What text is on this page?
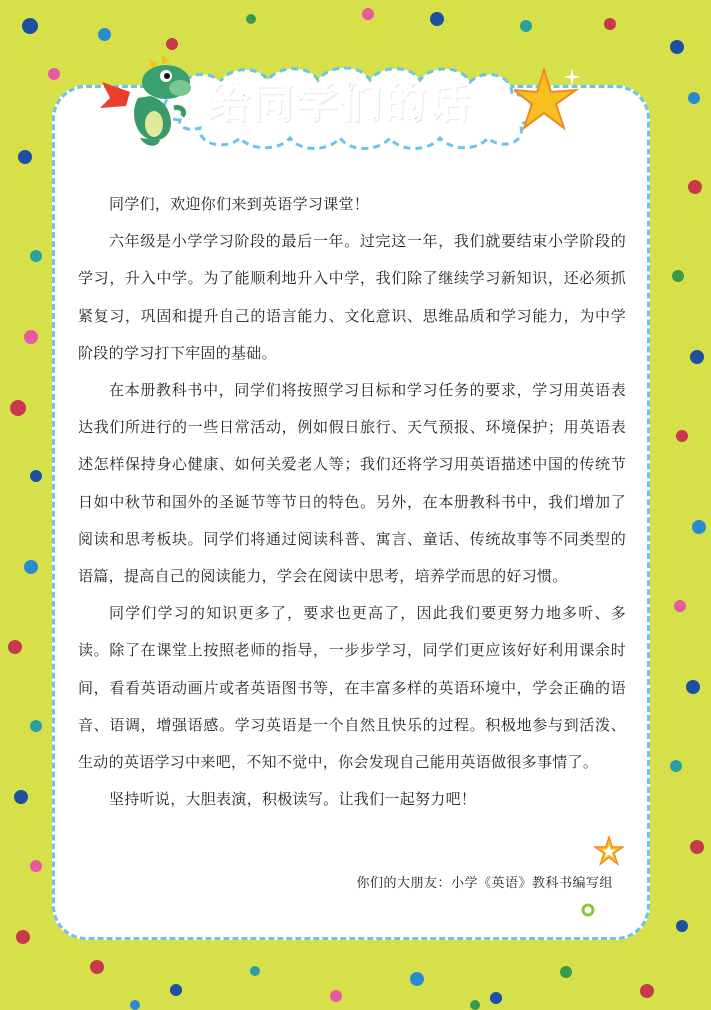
给同学们的话

同学们，欢迎你们来到英语学习课堂！

六年级是小学学习阶段的最后一年。过完这一年，我们就要结束小学阶段的学习，升入中学。为了能顺利地升入中学，我们除了继续学习新知识，还必须抓紧复习，巩固和提升自己的语言能力、文化意识、思维品质和学习能力，为中学阶段的学习打下牢固的基础。

在本册教科书中，同学们将按照学习目标和学习任务的要求，学习用英语表达我们所进行的一些日常活动，例如假日旅行、天气预报、环境保护；用英语表述怎样保持身心健康、如何关爱老人等；我们还将学习用英语描述中国的传统节日如中秋节和国外的圣诞节等节日的特色。另外，在本册教科书中，我们增加了阅读和思考板块。同学们将通过阅读科普、寓言、童话、传统故事等不同类型的语篇，提高自己的阅读能力，学会在阅读中思考，培养学而思的好习惯。

同学们学习的知识更多了，要求也更高了，因此我们要更努力地多听、多读。除了在课堂上按照老师的指导，一步步学习，同学们更应该好好利用课余时间，看看英语动画片或者英语图书等，在丰富多样的英语环境中，学会正确的语音、语调，增强语感。学习英语是一个自然且快乐的过程。积极地参与到活泼、生动的英语学习中来吧，不知不觉中，你会发现自己能用英语做很多事情了。

坚持听说，大胆表演，积极读写。让我们一起努力吧！

你们的大朋友：小学《英语》教科书编写组
